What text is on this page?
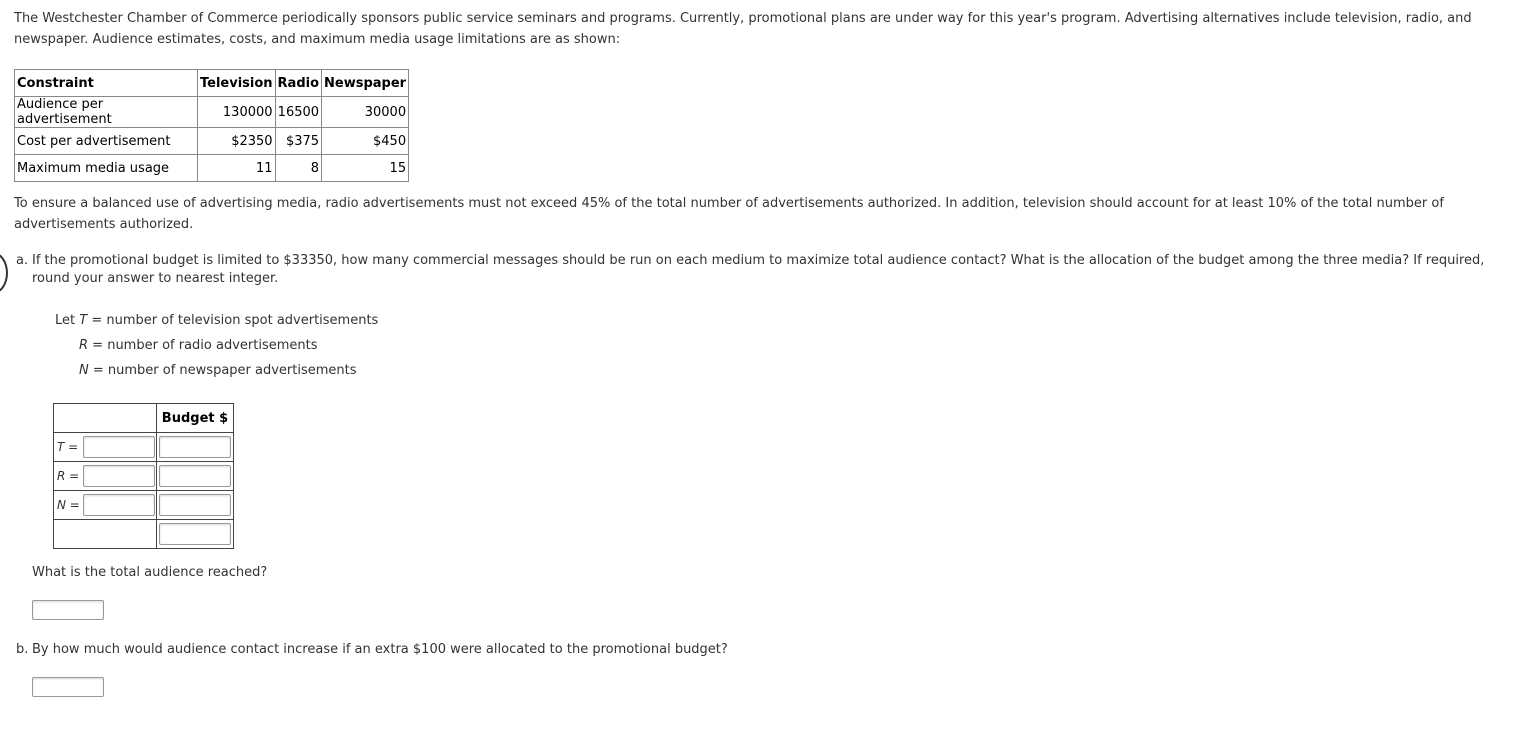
The Westchester Chamber of Commerce periodically sponsors public service seminars and programs. Currently, promotional plans are under way for this year's program. Advertising alternatives include television, radio, and newspaper. Audience estimates, costs, and maximum media usage limitations are as shown:

Constraint	Television	Radio	Newspaper
Audience per advertisement	130000	16500	30000
Cost per advertisement	$2350	$375	$450
Maximum media usage	11	8	15

To ensure a balanced use of advertising media, radio advertisements must not exceed 45% of the total number of advertisements authorized. In addition, television should account for at least 10% of the total number of advertisements authorized.

a. If the promotional budget is limited to $33350, how many commercial messages should be run on each medium to maximize total audience contact? What is the allocation of the budget among the three media? If required, round your answer to nearest integer.

Let T = number of television spot advertisements
R = number of radio advertisements
N = number of newspaper advertisements
	Budget $
T =	
R =	
N =	

What is the total audience reached?
b. By how much would audience contact increase if an extra $100 were allocated to the promotional budget?
